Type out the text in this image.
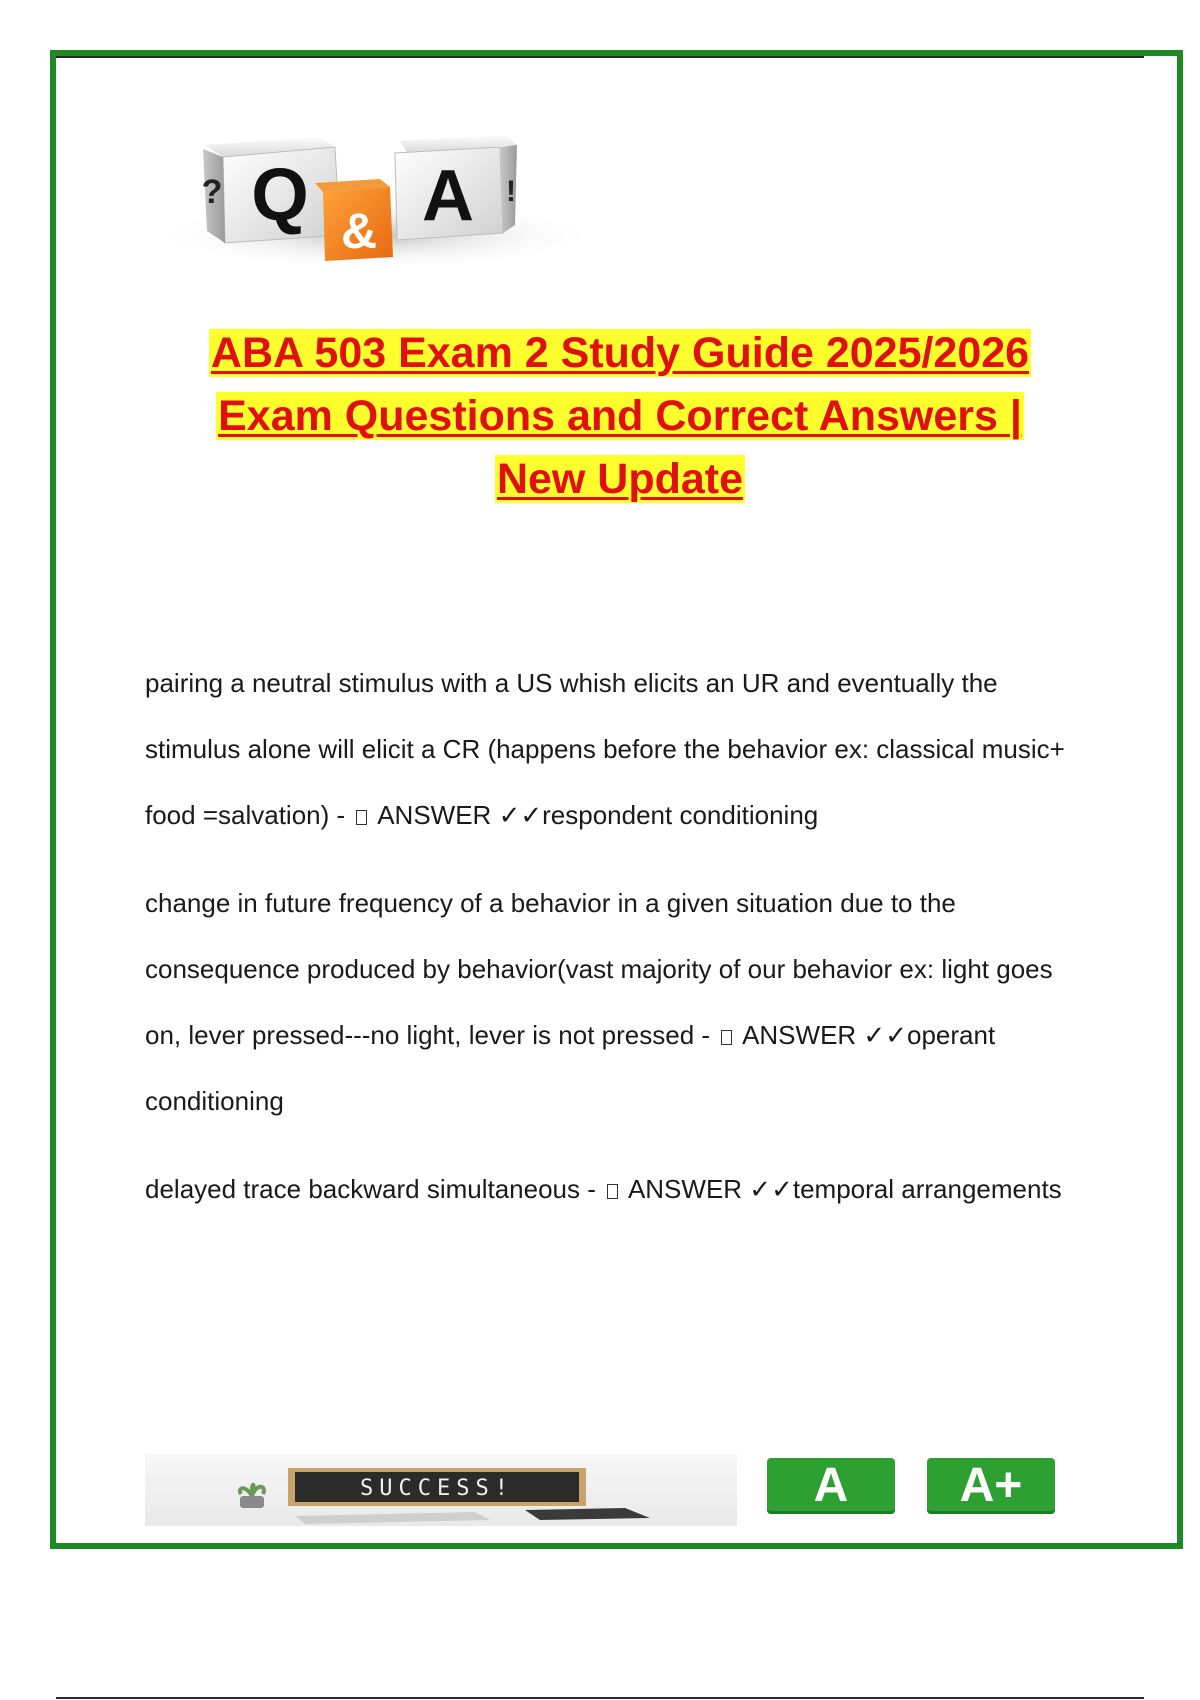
Q
?
& A !
ABA 503 Exam 2 Study Guide 2025/2026
Exam Questions and Correct Answers |
New Update

pairing a neutral stimulus with a US whish elicits an UR and eventually the stimulus alone will elicit a CR (happens before the behavior ex: classical music+ food =salvation) - ANSWER ✓✓respondent conditioning

change in future frequency of a behavior in a given situation due to the consequence produced by behavior(vast majority of our behavior ex: light goes on, lever pressed---no light, lever is not pressed - ANSWER ✓✓operant conditioning

delayed trace backward simultaneous - ANSWER ✓✓temporal arrangements

SUCCESS!	A	A+
